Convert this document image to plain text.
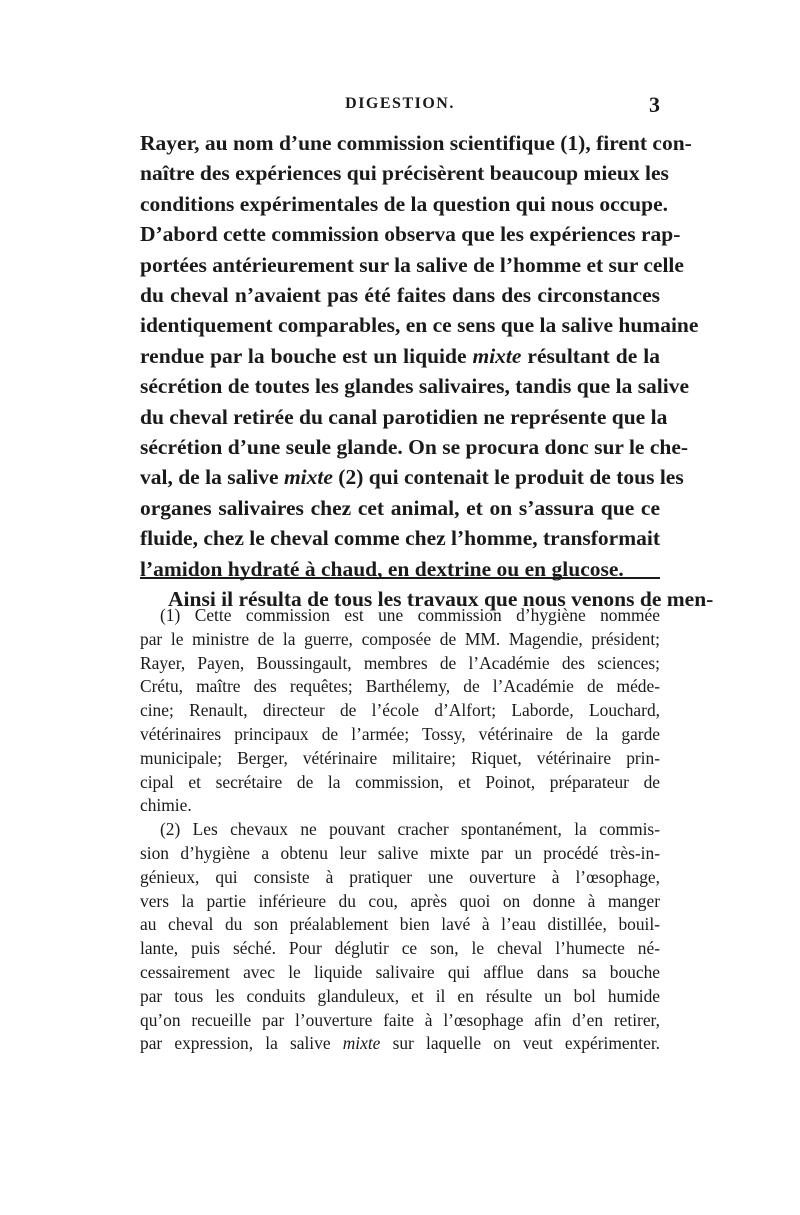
DIGESTION.	3
Rayer, au nom d’une commission scientifique (1), firent con-
naître des expériences qui précisèrent beaucoup mieux les
conditions expérimentales de la question qui nous occupe.
D’abord cette commission observa que les expériences rap-
portées antérieurement sur la salive de l’homme et sur celle
du cheval n’avaient pas été faites dans des circonstances
identiquement comparables, en ce sens que la salive humaine
rendue par la bouche est un liquide mixte résultant de la
sécrétion de toutes les glandes salivaires, tandis que la salive
du cheval retirée du canal parotidien ne représente que la
sécrétion d’une seule glande. On se procura donc sur le che-
val, de la salive mixte (2) qui contenait le produit de tous les
organes salivaires chez cet animal, et on s’assura que ce
fluide, chez le cheval comme chez l’homme, transformait
l’amidon hydraté à chaud, en dextrine ou en glucose.
Ainsi il résulta de tous les travaux que nous venons de men-
(1) Cette commission est une commission d’hygiène nommée
par le ministre de la guerre, composée de MM. Magendie, président;
Rayer, Payen, Boussingault, membres de l’Académie des sciences;
Crétu, maître des requêtes; Barthélemy, de l’Académie de méde-
cine; Renault, directeur de l’école d’Alfort; Laborde, Louchard,
vétérinaires principaux de l’armée; Tossy, vétérinaire de la garde
municipale; Berger, vétérinaire militaire; Riquet, vétérinaire prin-
cipal et secrétaire de la commission, et Poinot, préparateur de
chimie.
(2) Les chevaux ne pouvant cracher spontanément, la commis-
sion d’hygiène a obtenu leur salive mixte par un procédé très-in-
génieux, qui consiste à pratiquer une ouverture à l’œsophage,
vers la partie inférieure du cou, après quoi on donne à manger
au cheval du son préalablement bien lavé à l’eau distillée, bouil-
lante, puis séché. Pour déglutir ce son, le cheval l’humecte né-
cessairement avec le liquide salivaire qui afflue dans sa bouche
par tous les conduits glanduleux, et il en résulte un bol humide
qu’on recueille par l’ouverture faite à l’œsophage afin d’en retirer,
par expression, la salive mixte sur laquelle on veut expérimenter.
